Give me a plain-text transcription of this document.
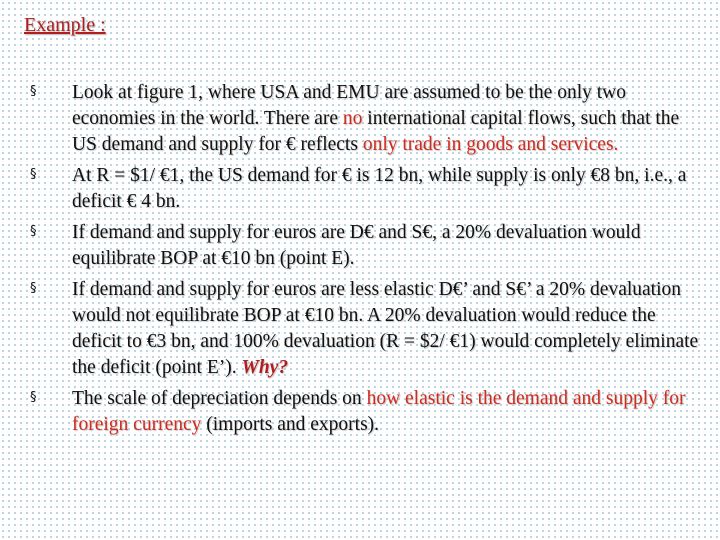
Example :
§ Look at figure 1, where USA and EMU are assumed to be the only two economies in the world. There are no international capital flows, such that the US demand and supply for € reflects only trade in goods and services.
§ At R = $1/ €1, the US demand for € is 12 bn, while supply is only €8 bn, i.e., a deficit € 4 bn.
§ If demand and supply for euros are D€ and S€, a 20% devaluation would equilibrate BOP at €10 bn (point E).
§ If demand and supply for euros are less elastic D€’ and S€’ a 20% devaluation would not equilibrate BOP at €10 bn. A 20% devaluation would reduce the deficit to €3 bn, and 100% devaluation (R = $2/ €1) would completely eliminate the deficit (point E’). Why?
§ The scale of depreciation depends on how elastic is the demand and supply for foreign currency (imports and exports).
